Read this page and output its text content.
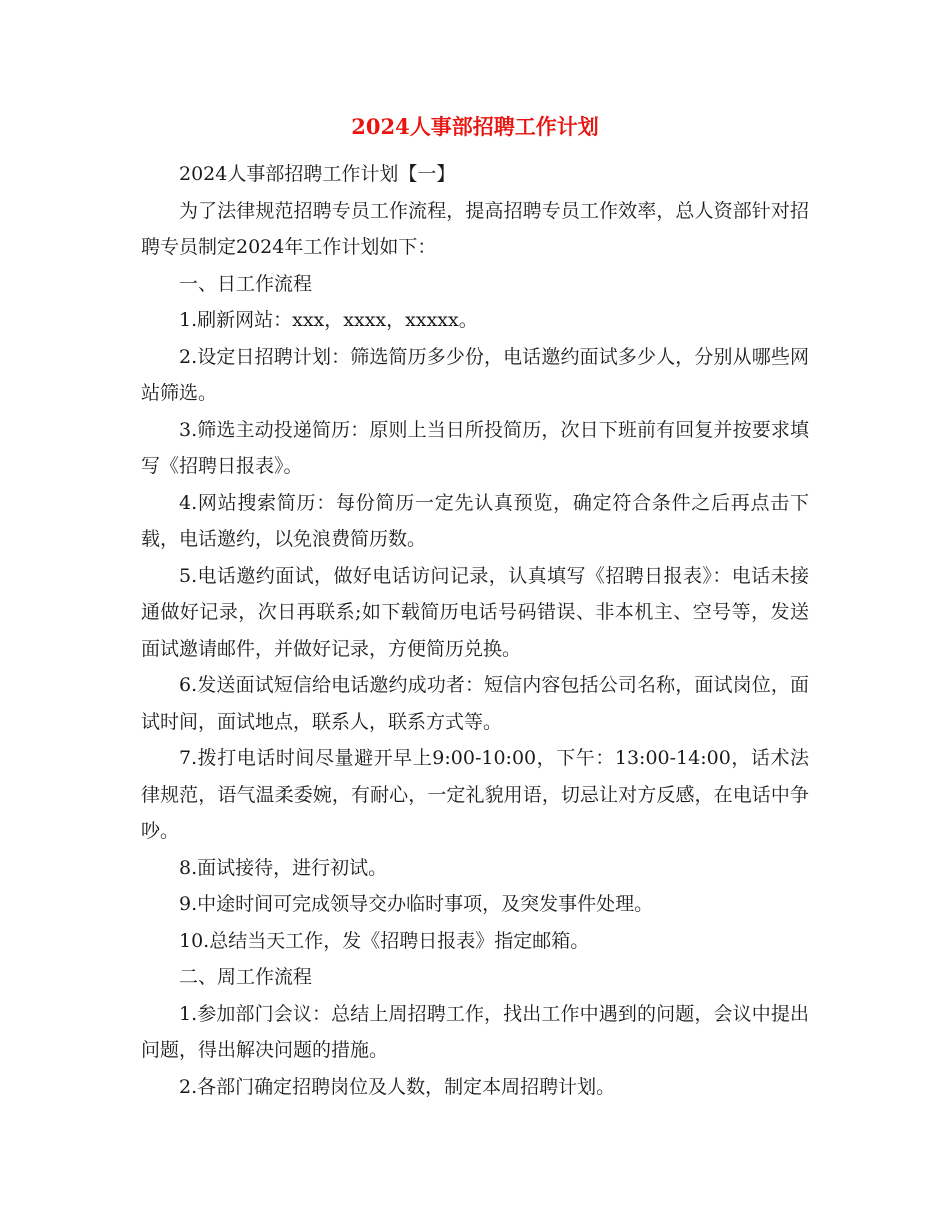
2024人事部招聘工作计划

2024人事部招聘工作计划【一】

为了法律规范招聘专员工作流程，提高招聘专员工作效率，总人资部针对招聘专员制定2024年工作计划如下：

一、日工作流程

1.刷新网站：xxx，xxxx，xxxxx。

2.设定日招聘计划：筛选简历多少份，电话邀约面试多少人，分别从哪些网站筛选。

3.筛选主动投递简历：原则上当日所投简历，次日下班前有回复并按要求填写《招聘日报表》。

4.网站搜索简历：每份简历一定先认真预览，确定符合条件之后再点击下载，电话邀约，以免浪费简历数。

5.电话邀约面试，做好电话访问记录，认真填写《招聘日报表》：电话未接通做好记录，次日再联系;如下载简历电话号码错误、非本机主、空号等，发送面试邀请邮件，并做好记录，方便简历兑换。

6.发送面试短信给电话邀约成功者：短信内容包括公司名称，面试岗位，面试时间，面试地点，联系人，联系方式等。

7.拨打电话时间尽量避开早上9:00-10:00，下午：13:00-14:00，话术法律规范，语气温柔委婉，有耐心，一定礼貌用语，切忌让对方反感，在电话中争吵。

8.面试接待，进行初试。

9.中途时间可完成领导交办临时事项，及突发事件处理。

10.总结当天工作，发《招聘日报表》指定邮箱。

二、周工作流程

1.参加部门会议：总结上周招聘工作，找出工作中遇到的问题，会议中提出问题，得出解决问题的措施。

2.各部门确定招聘岗位及人数，制定本周招聘计划。
